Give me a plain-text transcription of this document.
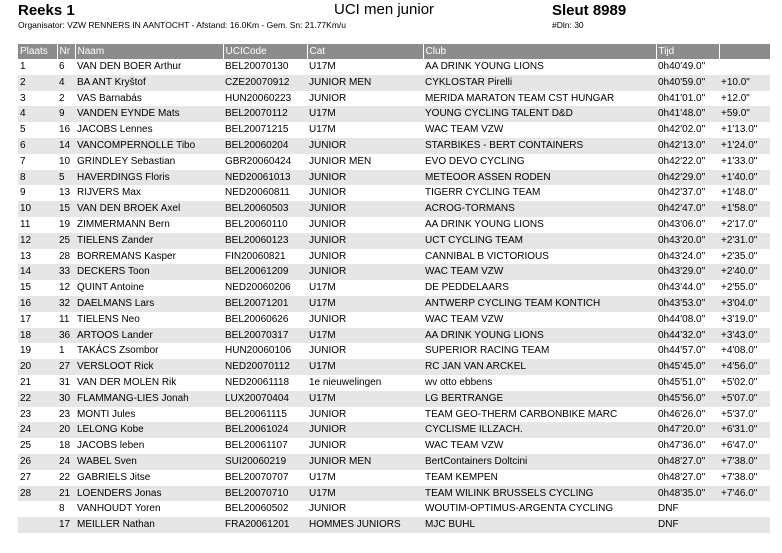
Reeks 1
Organisator: VZW RENNERS IN AANTOCHT - Afstand: 16.0Km - Gem. Sn: 21.77Km/u
UCI men junior	Sleut 8989
#Dln: 30
Plaats	Nr	Naam	UCICode	Cat	Club	Tijd	
1	6	VAN DEN BOER Arthur	BEL20070130	U17M	AA DRINK YOUNG LIONS	0h40'49.0"	
2	4	BA ANT Kryštof	CZE20070912	JUNIOR MEN	CYKLOSTAR Pirelli	0h40'59.0"	+10.0"
3	2	VAS Barnabás	HUN20060223	JUNIOR	MERIDA MARATON TEAM CST HUNGAR	0h41'01.0"	+12.0"
4	9	VANDEN EYNDE Mats	BEL20070112	U17M	YOUNG CYCLING TALENT D&D	0h41'48.0"	+59.0"
5	16	JACOBS Lennes	BEL20071215	U17M	WAC TEAM VZW	0h42'02.0"	+1'13.0"
6	14	VANCOMPERNOLLE Tibo	BEL20060204	JUNIOR	STARBIKES - BERT CONTAINERS	0h42'13.0"	+1'24.0"
7	10	GRINDLEY Sebastian	GBR20060424	JUNIOR MEN	EVO DEVO CYCLING	0h42'22.0"	+1'33.0"
8	5	HAVERDINGS Floris	NED20061013	JUNIOR	METEOOR ASSEN RODEN	0h42'29.0"	+1'40.0"
9	13	RIJVERS Max	NED20060811	JUNIOR	TIGERR CYCLING TEAM	0h42'37.0"	+1'48.0"
10	15	VAN DEN BROEK Axel	BEL20060503	JUNIOR	ACROG-TORMANS	0h42'47.0"	+1'58.0"
11	19	ZIMMERMANN Bern	BEL20060110	JUNIOR	AA DRINK YOUNG LIONS	0h43'06.0"	+2'17.0"
12	25	TIELENS Zander	BEL20060123	JUNIOR	UCT CYCLING TEAM	0h43'20.0"	+2'31.0"
13	28	BORREMANS Kasper	FIN20060821	JUNIOR	CANNIBAL B VICTORIOUS	0h43'24.0"	+2'35.0"
14	33	DECKERS Toon	BEL20061209	JUNIOR	WAC TEAM VZW	0h43'29.0"	+2'40.0"
15	12	QUINT Antoine	NED20060206	U17M	DE PEDDELAARS	0h43'44.0"	+2'55.0"
16	32	DAELMANS Lars	BEL20071201	U17M	ANTWERP CYCLING TEAM KONTICH	0h43'53.0"	+3'04.0"
17	11	TIELENS Neo	BEL20060626	JUNIOR	WAC TEAM VZW	0h44'08.0"	+3'19.0"
18	36	ARTOOS Lander	BEL20070317	U17M	AA DRINK YOUNG LIONS	0h44'32.0"	+3'43.0"
19	1	TAKÁCS Zsombor	HUN20060106	JUNIOR	SUPERIOR RACING TEAM	0h44'57.0"	+4'08.0"
20	27	VERSLOOT Rick	NED20070112	U17M	RC JAN VAN ARCKEL	0h45'45.0"	+4'56.0"
21	31	VAN DER MOLEN Rik	NED20061118	1e nieuwelingen	wv otto ebbens	0h45'51.0"	+5'02.0"
22	30	FLAMMANG-LIES Jonah	LUX20070404	U17M	LG BERTRANGE	0h45'56.0"	+5'07.0"
23	23	MONTI Jules	BEL20061115	JUNIOR	TEAM GEO-THERM CARBONBIKE MARC	0h46'26.0"	+5'37.0"
24	20	LELONG Kobe	BEL20061024	JUNIOR	CYCLISME ILLZACH.	0h47'20.0"	+6'31.0"
25	18	JACOBS leben	BEL20061107	JUNIOR	WAC TEAM VZW	0h47'36.0"	+6'47.0"
26	24	WABEL Sven	SUI20060219	JUNIOR MEN	BertContainers Doltcini	0h48'27.0"	+7'38.0"
27	22	GABRIELS Jitse	BEL20070707	U17M	TEAM KEMPEN	0h48'27.0"	+7'38.0"
28	21	LOENDERS Jonas	BEL20070710	U17M	TEAM WILINK BRUSSELS CYCLING	0h48'35.0"	+7'46.0"
	8	VANHOUDT Yoren	BEL20060502	JUNIOR	WOUTIM-OPTIMUS-ARGENTA CYCLING	DNF	
	17	MEILLER Nathan	FRA20061201	HOMMES JUNIORS	MJC BUHL	DNF	
